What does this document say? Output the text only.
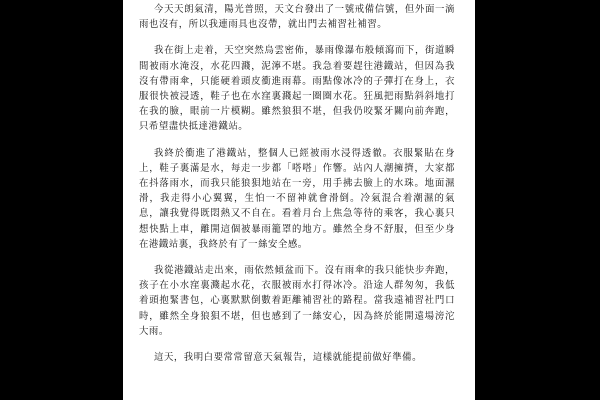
今天天朗氣清，陽光普照，天文台發出了一號戒備信號，但外面一滴雨也沒有，所以我連雨具也沒帶，就出門去補習社補習。

我在街上走着，天空突然烏雲密佈，暴雨像瀑布般傾瀉而下，街道瞬間被雨水淹沒，水花四濺，泥濘不堪。我急着要趕往港鐵站，但因為我沒有帶雨傘，只能硬着頭皮衝進雨幕。雨點像冰冷的子彈打在身上，衣服很快被浸透，鞋子也在水窪裏濺起一圈圈水花。狂風把雨點斜斜地打在我的臉，眼前一片模糊。雖然狼狽不堪，但我仍咬緊牙關向前奔跑，只希望盡快抵達港鐵站。

我終於衝進了港鐵站，整個人已經被雨水浸得透徹。衣服緊貼在身上，鞋子裏滿是水，每走一步都「嗒嗒」作響。站內人潮擁擠，大家都在抖落雨水，而我只能狼狽地站在一旁，用手拂去臉上的水珠。地面濕滑，我走得小心翼翼，生怕一不留神就會滑倒。冷氣混合着潮濕的氣息，讓我覺得既悶熱又不自在。看着月台上焦急等待的乘客，我心裏只想快點上車，離開這個被暴雨籠罩的地方。雖然全身不舒服，但至少身在港鐵站裏，我終於有了一絲安全感。

我從港鐵站走出來，雨依然傾盆而下。沒有雨傘的我只能快步奔跑，孩子在小水窪裏濺起水花，衣服被雨水打得冰冷。沿途人群匆匆，我低着頭抱緊書包，心裏默默倒數着距離補習社的路程。當我遠補習社門口時，雖然全身狼狽不堪，但也感到了一絲安心，因為終於能開遠場滂沱大雨。

這天，我明白要常常留意天氣報告，這樣就能提前做好準備。
